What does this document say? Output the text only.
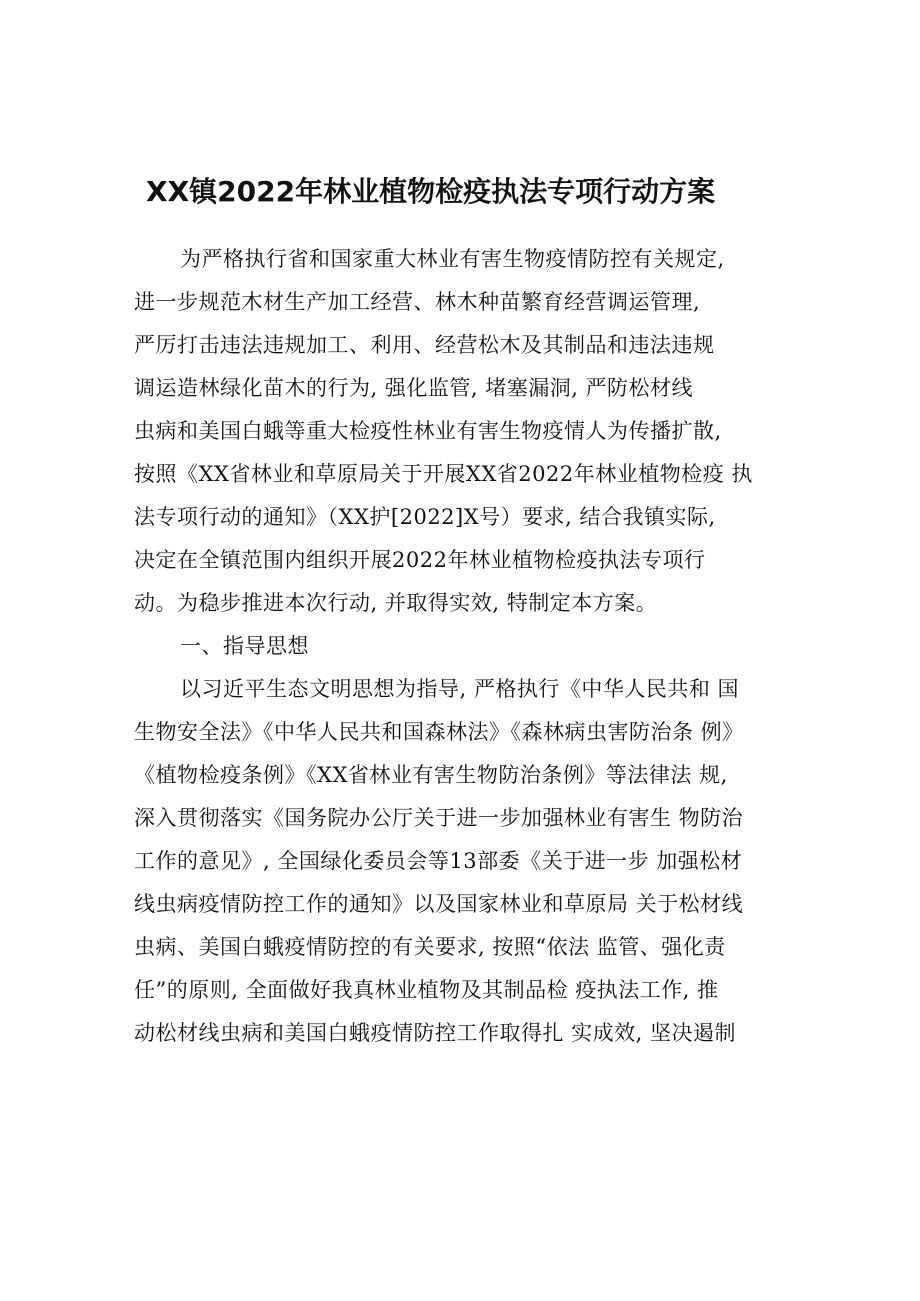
XX镇2022年林业植物检疫执法专项行动方案

为严格执行省和国家重大林业有害生物疫情防控有关规定,

进一步规范木材生产加工经营、林木种苗繁育经营调运管理,

严厉打击违法违规加工、利用、经营松木及其制品和违法违规

调运造林绿化苗木的行为, 强化监管, 堵塞漏洞, 严防松材线

虫病和美国白蛾等重大检疫性林业有害生物疫情人为传播扩散,

按照《XX省林业和草原局关于开展XX省2022年林业植物检疫 执

法专项行动的通知》（XX护[2022]X号）要求, 结合我镇实际,

决定在全镇范围内组织开展2022年林业植物检疫执法专项行

动。为稳步推进本次行动, 并取得实效, 特制定本方案。

一、指导思想

以习近平生态文明思想为指导, 严格执行《中华人民共和 国

生物安全法》《中华人民共和国森林法》《森林病虫害防治条 例》

《植物检疫条例》《XX省林业有害生物防治条例》等法律法 规,

深入贯彻落实《国务院办公厅关于进一步加强林业有害生 物防治

工作的意见》, 全国绿化委员会等13部委《关于进一步 加强松材

线虫病疫情防控工作的通知》以及国家林业和草原局 关于松材线

虫病、美国白蛾疫情防控的有关要求, 按照“依法 监管、强化责

任”的原则, 全面做好我真林业植物及其制品检 疫执法工作, 推

动松材线虫病和美国白蛾疫情防控工作取得扎 实成效, 坚决遏制
